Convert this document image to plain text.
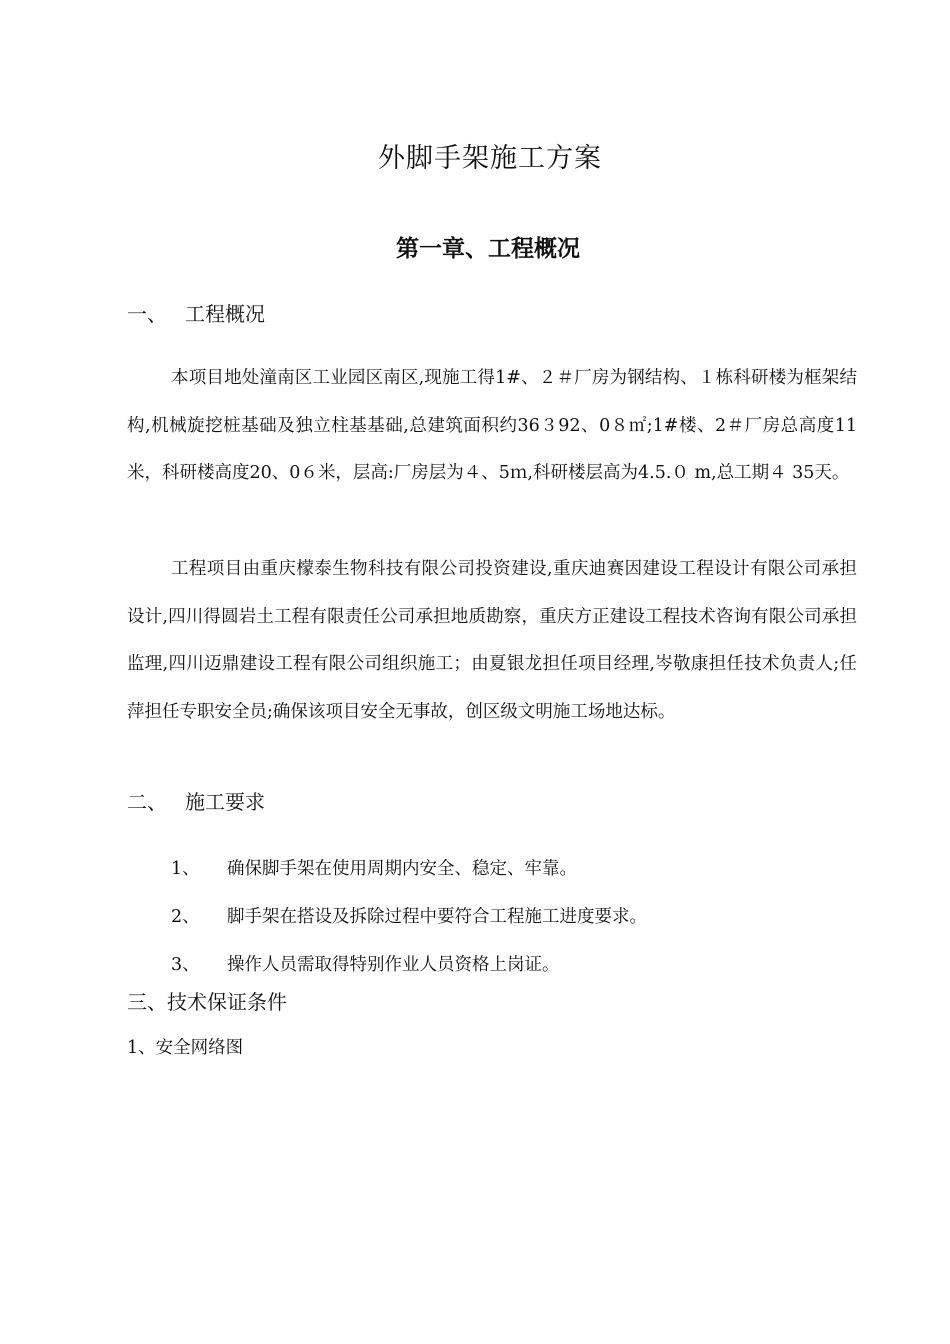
外脚手架施工方案
第一章、工程概况
一、 工程概况

本项目地处潼南区工业园区南区,现施工得1#、２＃厂房为钢结构、１栋科研楼为框架结构,机械旋挖桩基础及独立柱基基础,总建筑面积约36３92、0８㎡;1#楼、2＃厂房总高度11米，科研楼高度20、0６米，层高:厂房层为４、5ｍ,科研楼层高为4.5.０ m,总工期４ 35天。

工程项目由重庆檬泰生物科技有限公司投资建设,重庆迪赛因建设工程设计有限公司承担设计,四川得圆岩土工程有限责任公司承担地质勘察，重庆方正建设工程技术咨询有限公司承担监理,四川迈鼎建设工程有限公司组织施工；由夏银龙担任项目经理,岑敬康担任技术负责人;任萍担任专职安全员;确保该项目安全无事故，创区级文明施工场地达标。

二、 施工要求
1、 确保脚手架在使用周期内安全、稳定、牢靠。
2、 脚手架在搭设及拆除过程中要符合工程施工进度要求。
3、 操作人员需取得特别作业人员资格上岗证。
三、技术保证条件
1、安全网络图
